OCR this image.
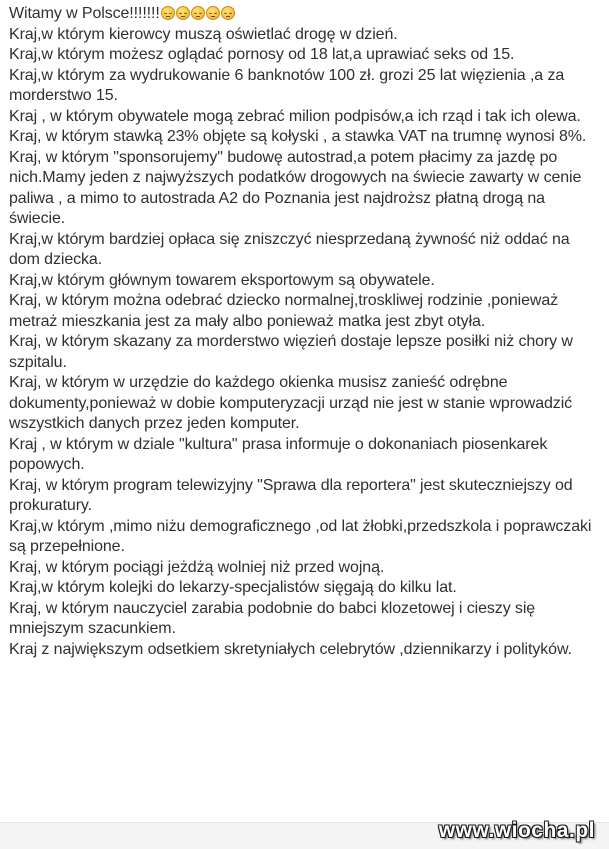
Witamy w Polsce!!!!!!!

Kraj,w którym kierowcy muszą oświetlać drogę w dzień.

Kraj,w którym możesz oglądać pornosy od 18 lat,a uprawiać seks od 15.

Kraj,w którym za wydrukowanie 6 banknotów 100 zł. grozi 25 lat więzienia ,a za morderstwo 15.

Kraj , w którym obywatele mogą zebrać milion podpisów,a ich rząd i tak ich olewa.

Kraj, w którym stawką 23% objęte są kołyski , a stawka VAT na trumnę wynosi 8%.

Kraj, w którym "sponsorujemy" budowę autostrad,a potem płacimy za jazdę po nich.Mamy jeden z najwyższych podatków drogowych na świecie zawarty w cenie paliwa , a mimo to autostrada A2 do Poznania jest najdroższ płatną drogą na świecie.

Kraj,w którym bardziej opłaca się zniszczyć niesprzedaną żywność niż oddać na dom dziecka.

Kraj,w którym głównym towarem eksportowym są obywatele.

Kraj, w którym można odebrać dziecko normalnej,troskliwej rodzinie ,ponieważ metraż mieszkania jest za mały albo ponieważ matka jest zbyt otyła.

Kraj, w którym skazany za morderstwo więzień dostaje lepsze posiłki niż chory w szpitalu.

Kraj, w którym w urzędzie do każdego okienka musisz zanieść odrębne dokumenty,ponieważ w dobie komputeryzacji urząd nie jest w stanie wprowadzić wszystkich danych przez jeden komputer.

Kraj , w którym w dziale "kultura" prasa informuje o dokonaniach piosenkarek popowych.

Kraj, w którym program telewizyjny "Sprawa dla reportera" jest skuteczniejszy od prokuratury.

Kraj,w którym ,mimo niżu demograficznego ,od lat żłobki,przedszkola i poprawczaki są przepełnione.

Kraj, w którym pociągi jeżdżą wolniej niż przed wojną.

Kraj,w którym kolejki do lekarzy-specjalistów sięgają do kilku lat.

Kraj, w którym nauczyciel zarabia podobnie do babci klozetowej i cieszy się mniejszym szacunkiem.

Kraj z największym odsetkiem skretyniałych celebrytów ,dziennikarzy i polityków.

www.wiocha.pl
